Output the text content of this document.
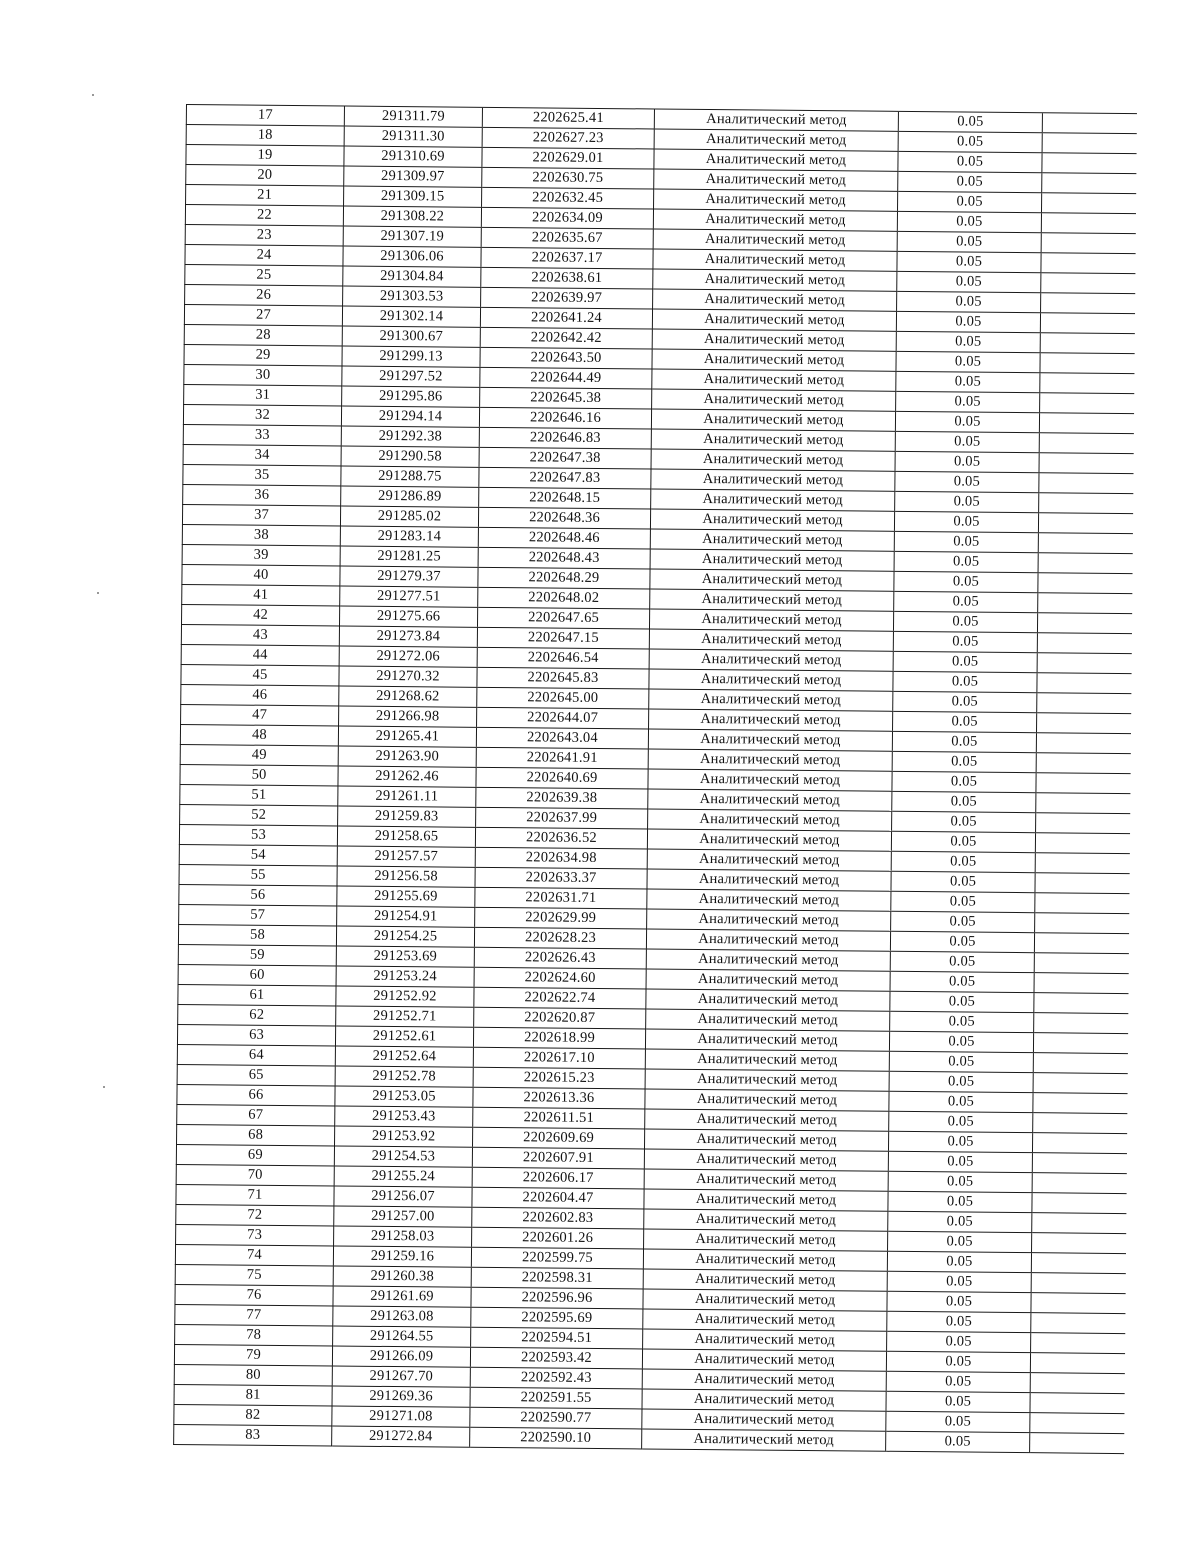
17	291311.79	2202625.41	Аналитический метод	0.05	
18	291311.30	2202627.23	Аналитический метод	0.05	
19	291310.69	2202629.01	Аналитический метод	0.05	
20	291309.97	2202630.75	Аналитический метод	0.05	
21	291309.15	2202632.45	Аналитический метод	0.05	
22	291308.22	2202634.09	Аналитический метод	0.05	
23	291307.19	2202635.67	Аналитический метод	0.05	
24	291306.06	2202637.17	Аналитический метод	0.05	
25	291304.84	2202638.61	Аналитический метод	0.05	
26	291303.53	2202639.97	Аналитический метод	0.05	
27	291302.14	2202641.24	Аналитический метод	0.05	
28	291300.67	2202642.42	Аналитический метод	0.05	
29	291299.13	2202643.50	Аналитический метод	0.05	
30	291297.52	2202644.49	Аналитический метод	0.05	
31	291295.86	2202645.38	Аналитический метод	0.05	
32	291294.14	2202646.16	Аналитический метод	0.05	
33	291292.38	2202646.83	Аналитический метод	0.05	
34	291290.58	2202647.38	Аналитический метод	0.05	
35	291288.75	2202647.83	Аналитический метод	0.05	
36	291286.89	2202648.15	Аналитический метод	0.05	
37	291285.02	2202648.36	Аналитический метод	0.05	
38	291283.14	2202648.46	Аналитический метод	0.05	
39	291281.25	2202648.43	Аналитический метод	0.05	
40	291279.37	2202648.29	Аналитический метод	0.05	
41	291277.51	2202648.02	Аналитический метод	0.05	
42	291275.66	2202647.65	Аналитический метод	0.05	
43	291273.84	2202647.15	Аналитический метод	0.05	
44	291272.06	2202646.54	Аналитический метод	0.05	
45	291270.32	2202645.83	Аналитический метод	0.05	
46	291268.62	2202645.00	Аналитический метод	0.05	
47	291266.98	2202644.07	Аналитический метод	0.05	
48	291265.41	2202643.04	Аналитический метод	0.05	
49	291263.90	2202641.91	Аналитический метод	0.05	
50	291262.46	2202640.69	Аналитический метод	0.05	
51	291261.11	2202639.38	Аналитический метод	0.05	
52	291259.83	2202637.99	Аналитический метод	0.05	
53	291258.65	2202636.52	Аналитический метод	0.05	
54	291257.57	2202634.98	Аналитический метод	0.05	
55	291256.58	2202633.37	Аналитический метод	0.05	
56	291255.69	2202631.71	Аналитический метод	0.05	
57	291254.91	2202629.99	Аналитический метод	0.05	
58	291254.25	2202628.23	Аналитический метод	0.05	
59	291253.69	2202626.43	Аналитический метод	0.05	
60	291253.24	2202624.60	Аналитический метод	0.05	
61	291252.92	2202622.74	Аналитический метод	0.05	
62	291252.71	2202620.87	Аналитический метод	0.05	
63	291252.61	2202618.99	Аналитический метод	0.05	
64	291252.64	2202617.10	Аналитический метод	0.05	
65	291252.78	2202615.23	Аналитический метод	0.05	
66	291253.05	2202613.36	Аналитический метод	0.05	
67	291253.43	2202611.51	Аналитический метод	0.05	
68	291253.92	2202609.69	Аналитический метод	0.05	
69	291254.53	2202607.91	Аналитический метод	0.05	
70	291255.24	2202606.17	Аналитический метод	0.05	
71	291256.07	2202604.47	Аналитический метод	0.05	
72	291257.00	2202602.83	Аналитический метод	0.05	
73	291258.03	2202601.26	Аналитический метод	0.05	
74	291259.16	2202599.75	Аналитический метод	0.05	
75	291260.38	2202598.31	Аналитический метод	0.05	
76	291261.69	2202596.96	Аналитический метод	0.05	
77	291263.08	2202595.69	Аналитический метод	0.05	
78	291264.55	2202594.51	Аналитический метод	0.05	
79	291266.09	2202593.42	Аналитический метод	0.05	
80	291267.70	2202592.43	Аналитический метод	0.05	
81	291269.36	2202591.55	Аналитический метод	0.05	
82	291271.08	2202590.77	Аналитический метод	0.05	
83	291272.84	2202590.10	Аналитический метод	0.05	
